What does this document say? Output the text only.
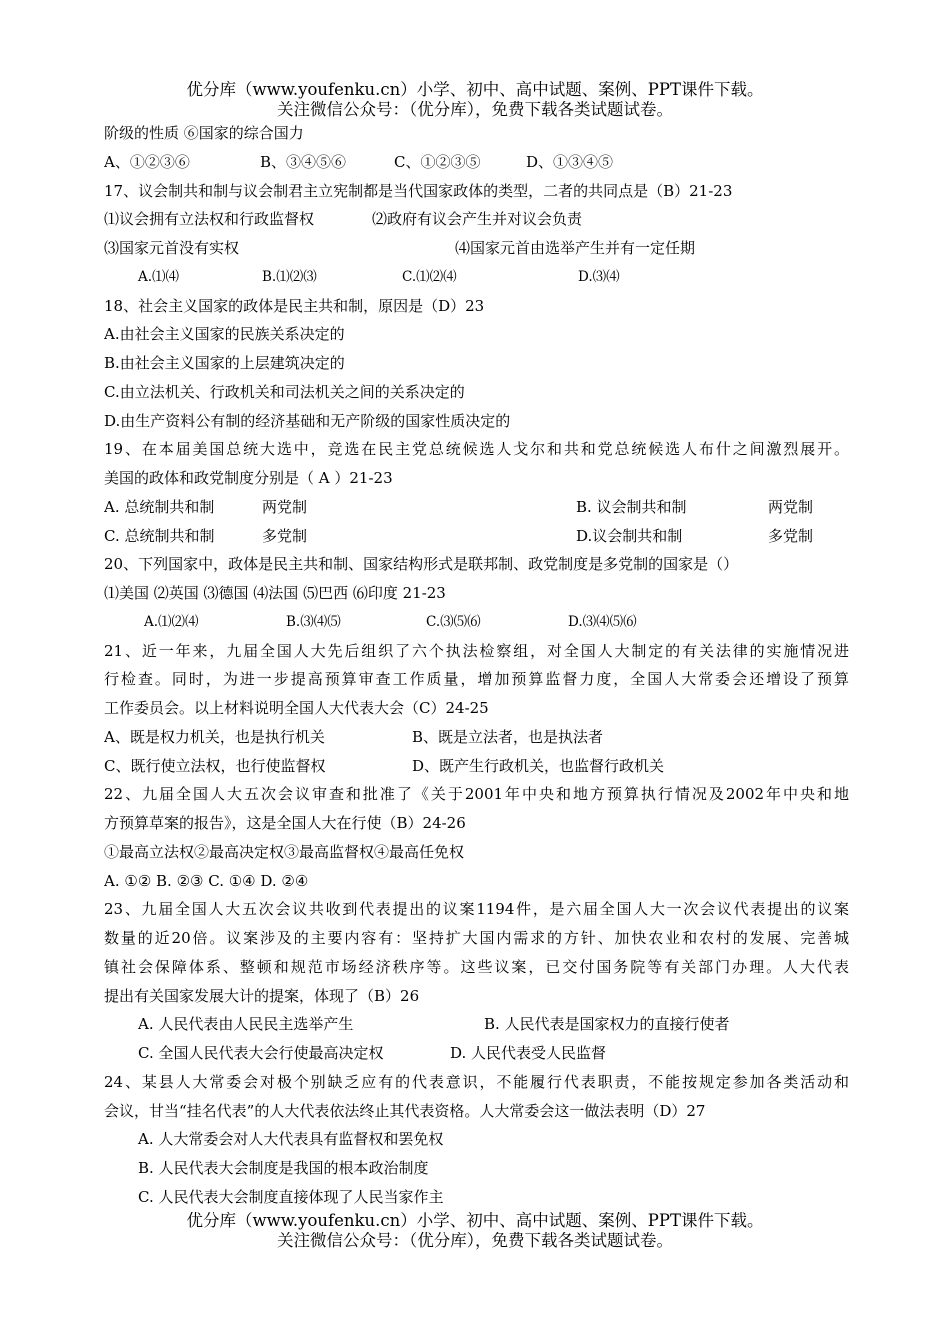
优分库（www.youfenku.cn）小学、初中、高中试题、案例、PPT课件下载。
关注微信公众号：（优分库），免费下载各类试题试卷。
阶级的性质 ⑥国家的综合国力
A、①②③⑥	B、③④⑤⑥	C、①②③⑤	D、①③④⑤
17、议会制共和制与议会制君主立宪制都是当代国家政体的类型，二者的共同点是（B）21-23
⑴议会拥有立法权和行政监督权	⑵政府有议会产生并对议会负责
⑶国家元首没有实权	⑷国家元首由选举产生并有一定任期
A.⑴⑷	B.⑴⑵⑶	C.⑴⑵⑷	D.⑶⑷
18、社会主义国家的政体是民主共和制，原因是（D）23
A.由社会主义国家的民族关系决定的
B.由社会主义国家的上层建筑决定的
C.由立法机关、行政机关和司法机关之间的关系决定的
D.由生产资料公有制的经济基础和无产阶级的国家性质决定的
19、在本届美国总统大选中，竞选在民主党总统候选人戈尔和共和党总统候选人布什之间激烈展开。
美国的政体和政党制度分别是（ A ）21-23
A. 总统制共和制	两党制	B. 议会制共和制	两党制
C. 总统制共和制	多党制	D.议会制共和制	多党制
20、下列国家中，政体是民主共和制、国家结构形式是联邦制、政党制度是多党制的国家是（）
⑴美国 ⑵英国 ⑶德国 ⑷法国 ⑸巴西 ⑹印度 21-23
A.⑴⑵⑷	B.⑶⑷⑸	C.⑶⑸⑹	D.⑶⑷⑸⑹
21、近一年来，九届全国人大先后组织了六个执法检察组，对全国人大制定的有关法律的实施情况进
行检查。同时，为进一步提高预算审查工作质量，增加预算监督力度，全国人大常委会还增设了预算
工作委员会。以上材料说明全国人大代表大会（C）24-25
A、既是权力机关，也是执行机关	B、既是立法者，也是执法者
C、既行使立法权，也行使监督权	D、既产生行政机关，也监督行政机关
22、九届全国人大五次会议审查和批准了《关于2001年中央和地方预算执行情况及2002年中央和地
方预算草案的报告》，这是全国人大在行使（B）24-26
①最高立法权②最高决定权③最高监督权④最高任免权
A. ①② B. ②③ C. ①④ D. ②④
23、九届全国人大五次会议共收到代表提出的议案1194件，是六届全国人大一次会议代表提出的议案
数量的近20倍。议案涉及的主要内容有：坚持扩大国内需求的方针、加快农业和农村的发展、完善城
镇社会保障体系、整顿和规范市场经济秩序等。这些议案，已交付国务院等有关部门办理。人大代表
提出有关国家发展大计的提案，体现了（B）26
A. 人民代表由人民民主选举产生	B. 人民代表是国家权力的直接行使者
C. 全国人民代表大会行使最高决定权	D. 人民代表受人民监督
24、某县人大常委会对极个别缺乏应有的代表意识，不能履行代表职责，不能按规定参加各类活动和
会议，甘当“挂名代表”的人大代表依法终止其代表资格。人大常委会这一做法表明（D）27
A. 人大常委会对人大代表具有监督权和罢免权
B. 人民代表大会制度是我国的根本政治制度
C. 人民代表大会制度直接体现了人民当家作主
优分库（www.youfenku.cn）小学、初中、高中试题、案例、PPT课件下载。
关注微信公众号：（优分库），免费下载各类试题试卷。
